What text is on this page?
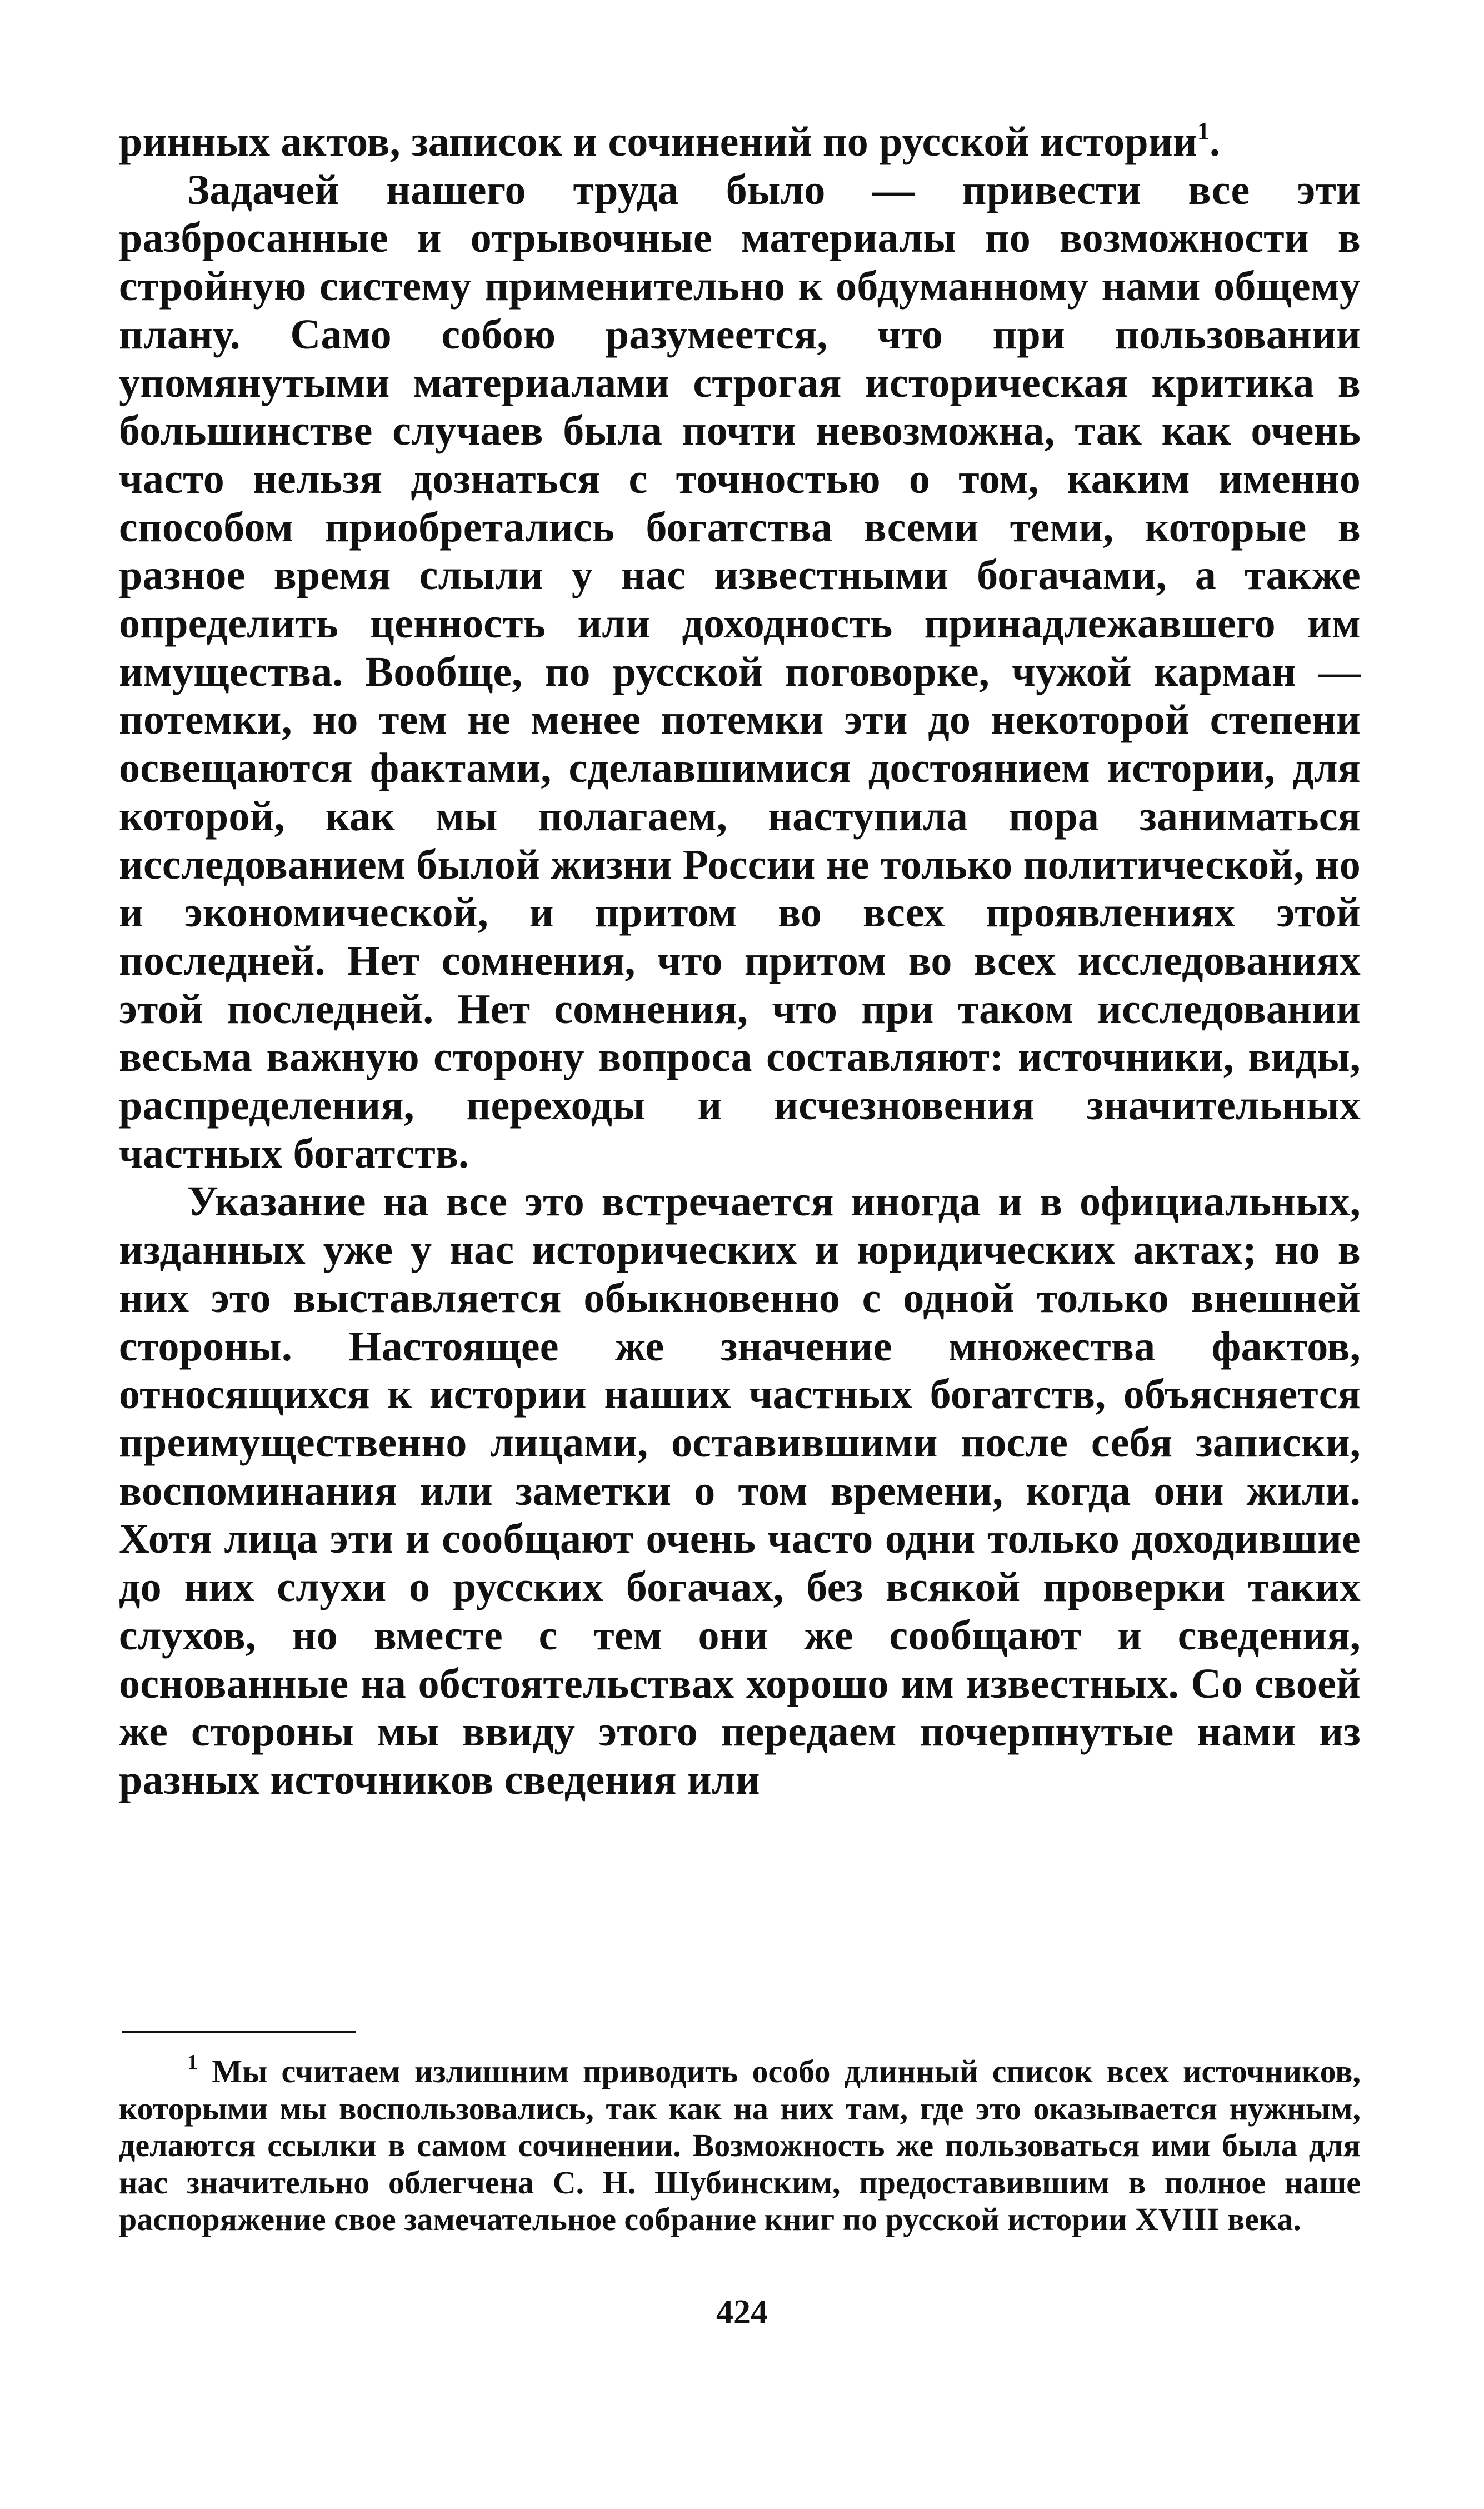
ринных актов, записок и сочинений по русской истории$^1$.

Задачей нашего труда было — привести все эти разбросанные и отрывочные материалы по возможности в стройную систему применительно к обдуманному нами общему плану. Само собою разумеется, что при пользовании упомянутыми материалами строгая историческая критика в большинстве случаев была почти невозможна, так как очень часто нельзя дознаться с точностью о том, каким именно способом приобретались богатства всеми теми, которые в разное время слыли у нас известными богачами, а также определить ценность или доходность принадлежавшего им имущества. Вообще, по русской поговорке, чужой карман — потемки, но тем не менее потемки эти до некоторой степени освещаются фактами, сделавшимися достоянием истории, для которой, как мы полагаем, наступила пора заниматься исследованием былой жизни России не только политической, но и экономической, и притом во всех проявлениях этой последней. Нет сомнения, что притом во всех исследованиях этой последней. Нет сомнения, что при таком исследовании весьма важную сторону вопроса составляют: источники, виды, распределения, переходы и исчезновения значительных частных богатств.

Указание на все это встречается иногда и в официальных, изданных уже у нас исторических и юридических актах; но в них это выставляется обыкновенно с одной только внешней стороны. Настоящее же значение множества фактов, относящихся к истории наших частных богатств, объясняется преимущественно лицами, оставившими после себя записки, воспоминания или заметки о том времени, когда они жили. Хотя лица эти и сообщают очень часто одни только доходившие до них слухи о русских богачах, без всякой проверки таких слухов, но вместе с тем они же сообщают и сведения, основанные на обстоятельствах хорошо им известных. Со своей же стороны мы ввиду этого передаем почерпнутые нами из разных источников сведения или

$^1$ Мы считаем излишним приводить особо длинный список всех источников, которыми мы воспользовались, так как на них там, где это оказывается нужным, делаются ссылки в самом сочинении. Возможность же пользоваться ими была для нас значительно облегчена С. Н. Шубинским, предоставившим в полное наше распоряжение свое замечательное собрание книг по русской истории XVIII века.

424
